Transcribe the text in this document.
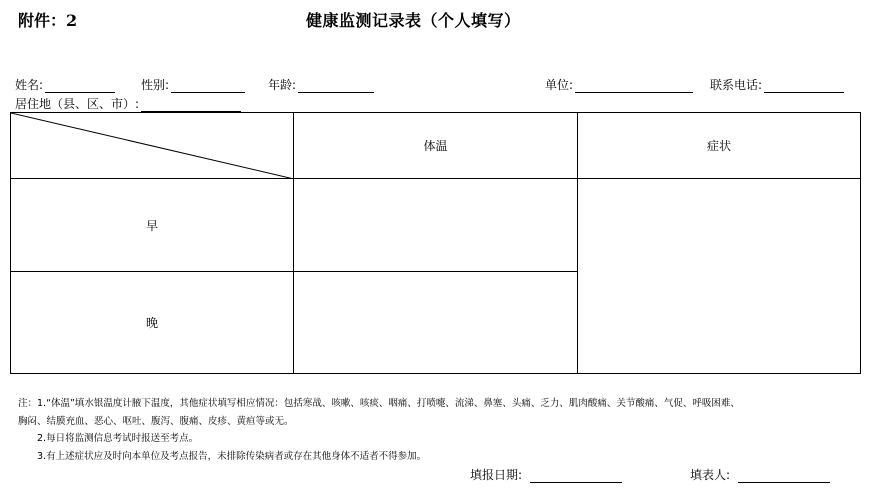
附件：2	健康监测记录表（个人填写）
姓名:	性别:	年龄:	单位:	联系电话:
居住地（县、区、市）:
	体温	症状
早		
晚		
注：1.“体温”填水银温度计腋下温度，其他症状填写相应情况：包括寒战、咳嗽、咳痰、咽痛、打喷嚏、流涕、鼻塞、头痛、乏力、肌肉酸痛、关节酸痛、气促、呼吸困难、
胸闷、结膜充血、恶心、呕吐、腹泻、腹痛、皮疹、黄疸等或无。
2.每日将监测信息考试时报送至考点。
3.有上述症状应及时向本单位及考点报告，未排除传染病者或存在其他身体不适者不得参加。
填报日期:	填表人:
